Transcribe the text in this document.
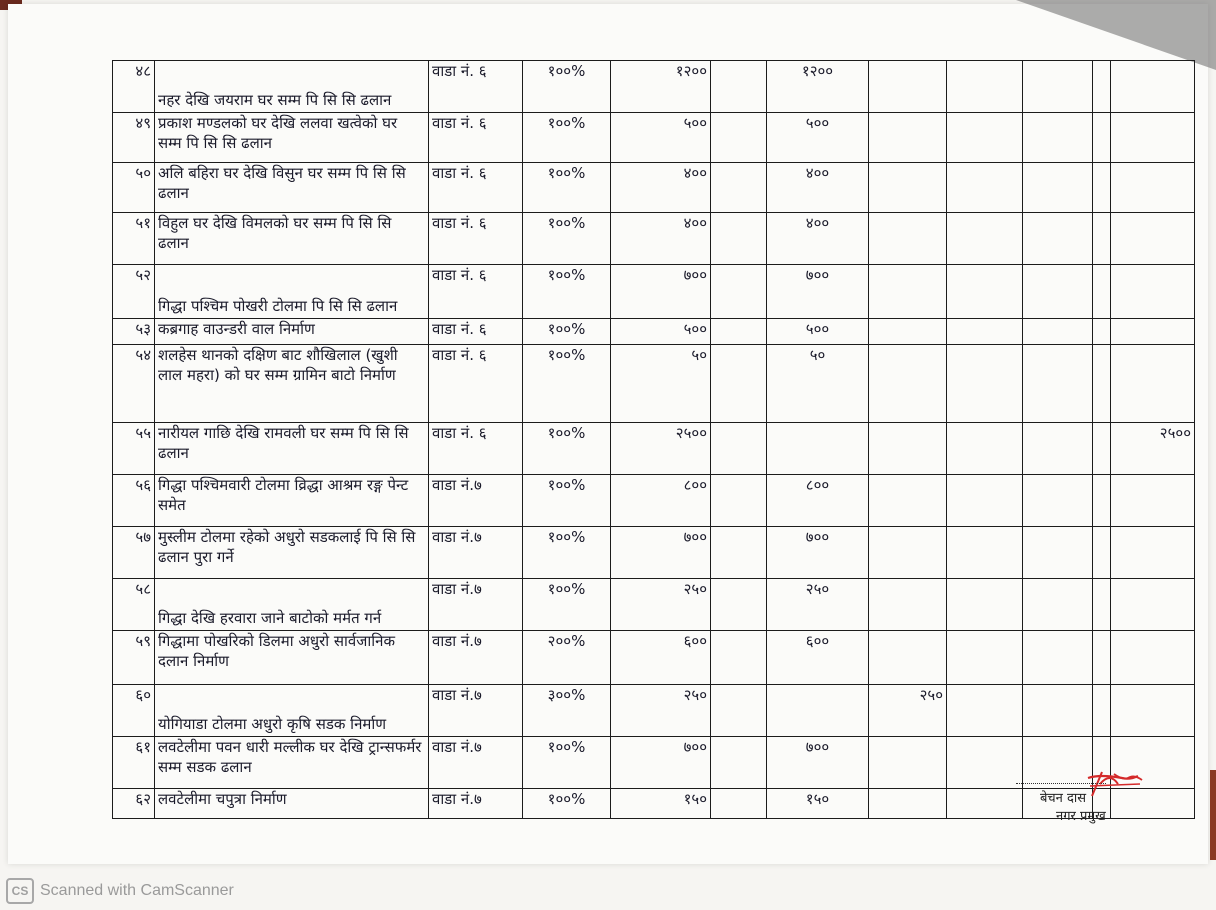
४८	नहर देखि जयराम घर सम्म पि सि सि ढलान	वाडा नं. ६	१००%	१२००		१२००					
४९	प्रकाश मण्डलको घर देखि ललवा खत्वेको घर सम्म पि सि सि ढलान	वाडा नं. ६	१००%	५००		५००					
५०	अलि बहिरा घर देखि विसुन घर सम्म पि सि सि ढलान	वाडा नं. ६	१००%	४००		४००					
५१	विहुल घर देखि विमलको घर सम्म पि सि सि ढलान	वाडा नं. ६	१००%	४००		४००					
५२	गिद्धा पश्चिम पोखरी टोलमा पि सि सि ढलान	वाडा नं. ६	१००%	७००		७००					
५३	कब्रगाह वाउन्डरी वाल निर्माण	वाडा नं. ६	१००%	५००		५००					
५४	शलहेस थानको दक्षिण बाट शौखिलाल (खुशी लाल महरा) को घर सम्म ग्रामिन बाटो निर्माण	वाडा नं. ६	१००%	५०		५०					
५५	नारीयल गाछि देखि रामवली घर सम्म पि सि सि ढलान	वाडा नं. ६	१००%	२५००							२५००
५६	गिद्धा पश्चिमवारी टोलमा व्रिद्धा आश्रम रङ्ग पेन्ट समेत	वाडा नं.७	१००%	८००		८००					
५७	मुस्लीम टोलमा रहेको अधुरो सडकलाई पि सि सि ढलान पुरा गर्ने	वाडा नं.७	१००%	७००		७००					
५८	गिद्धा देखि हरवारा जाने बाटोको मर्मत गर्न	वाडा नं.७	१००%	२५०		२५०					
५९	गिद्धामा पोखरिको डिलमा अधुरो सार्वजानिक दलान निर्माण	वाडा नं.७	२००%	६००		६००					
६०	योगियाडा टोलमा अधुरो कृषि सडक निर्माण	वाडा नं.७	३००%	२५०			२५०				
६१	लवटेलीमा पवन धारी मल्लीक घर देखि ट्रान्सफर्मर सम्म सडक ढलान	वाडा नं.७	१००%	७००		७००					
६२	लवटेलीमा चपुत्रा निर्माण	वाडा नं.७	१००%	१५०		१५०						बेचन दास
नगर प्रमुख
CS Scanned with CamScanner
